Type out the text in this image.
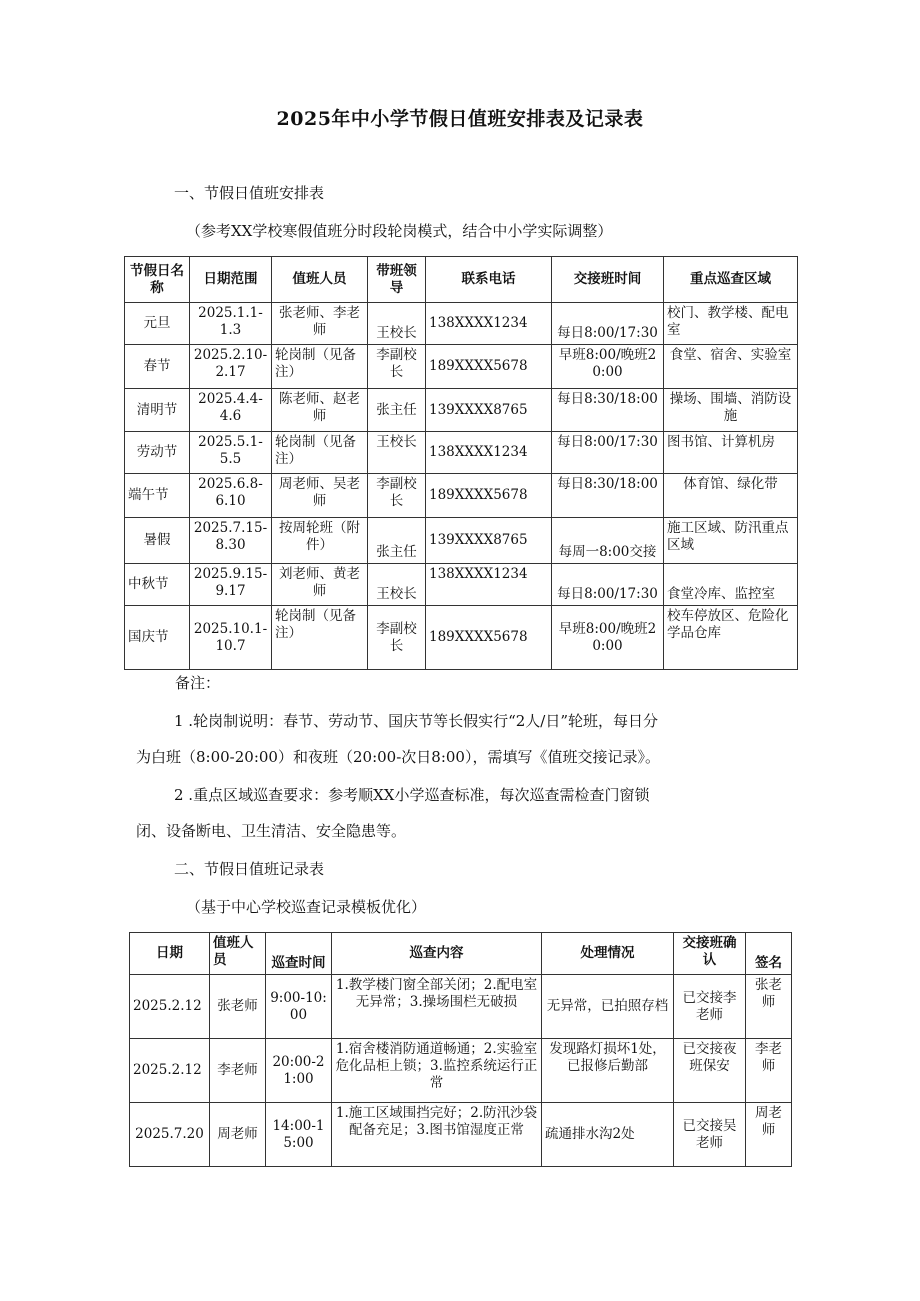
2025年中小学节假日值班安排表及记录表
一、节假日值班安排表
（参考XX学校寒假值班分时段轮岗模式，结合中小学实际调整）
节假日名称	日期范围	值班人员	带班领导	联系电话	交接班时间	重点巡查区域
元旦	2025.1.1-1.3	张老师、李老师	王校长	138XXXX1234	每日8:00/17:30	校门、教学楼、配电室
春节	2025.2.10-2.17	轮岗制（见备注）	李副校长	189XXXX5678	早班8:00/晚班20:00	食堂、宿舍、实验室
清明节	2025.4.4-4.6	陈老师、赵老师	张主任	139XXXX8765	每日8:30/18:00	操场、围墙、消防设施
劳动节	2025.5.1-5.5	轮岗制（见备注）	王校长	138XXXX1234	每日8:00/17:30	图书馆、计算机房
端午节	2025.6.8-6.10	周老师、吴老师	李副校长	189XXXX5678	每日8:30/18:00	体育馆、绿化带
暑假	2025.7.15-8.30	按周轮班（附件）	张主任	139XXXX8765	每周一8:00交接	施工区域、防汛重点区域
中秋节	2025.9.15-9.17	刘老师、黄老师	王校长	138XXXX1234	每日8:00/17:30	食堂冷库、监控室
国庆节	2025.10.1-10.7	轮岗制（见备注）	李副校长	189XXXX5678	早班8:00/晚班20:00	校车停放区、危险化学品仓库
备注：
1 .轮岗制说明：春节、劳动节、国庆节等长假实行“2人/日”轮班，每日分
为白班（8:00-20:00）和夜班（20:00-次日8:00），需填写《值班交接记录》。
2 .重点区域巡查要求：参考顺XX小学巡查标准，每次巡查需检查门窗锁
闭、设备断电、卫生清洁、安全隐患等。
二、节假日值班记录表
（基于中心学校巡查记录模板优化）
日期	值班人员	巡查时间	巡查内容	处理情况	交接班确认	签名
2025.2.12	张老师	9:00-10:00	1.教学楼门窗全部关闭；2.配电室无异常；3.操场围栏无破损	无异常，已拍照存档	已交接李老师	张老师
2025.2.12	李老师	20:00-21:00	1.宿舍楼消防通道畅通；2.实验室危化品柜上锁；3.监控系统运行正常	发现路灯损坏1处，已报修后勤部	已交接夜班保安	李老师
2025.7.20	周老师	14:00-15:00	1.施工区域围挡完好；2.防汛沙袋配备充足；3.图书馆湿度正常	疏通排水沟2处	已交接吴老师	周老师
